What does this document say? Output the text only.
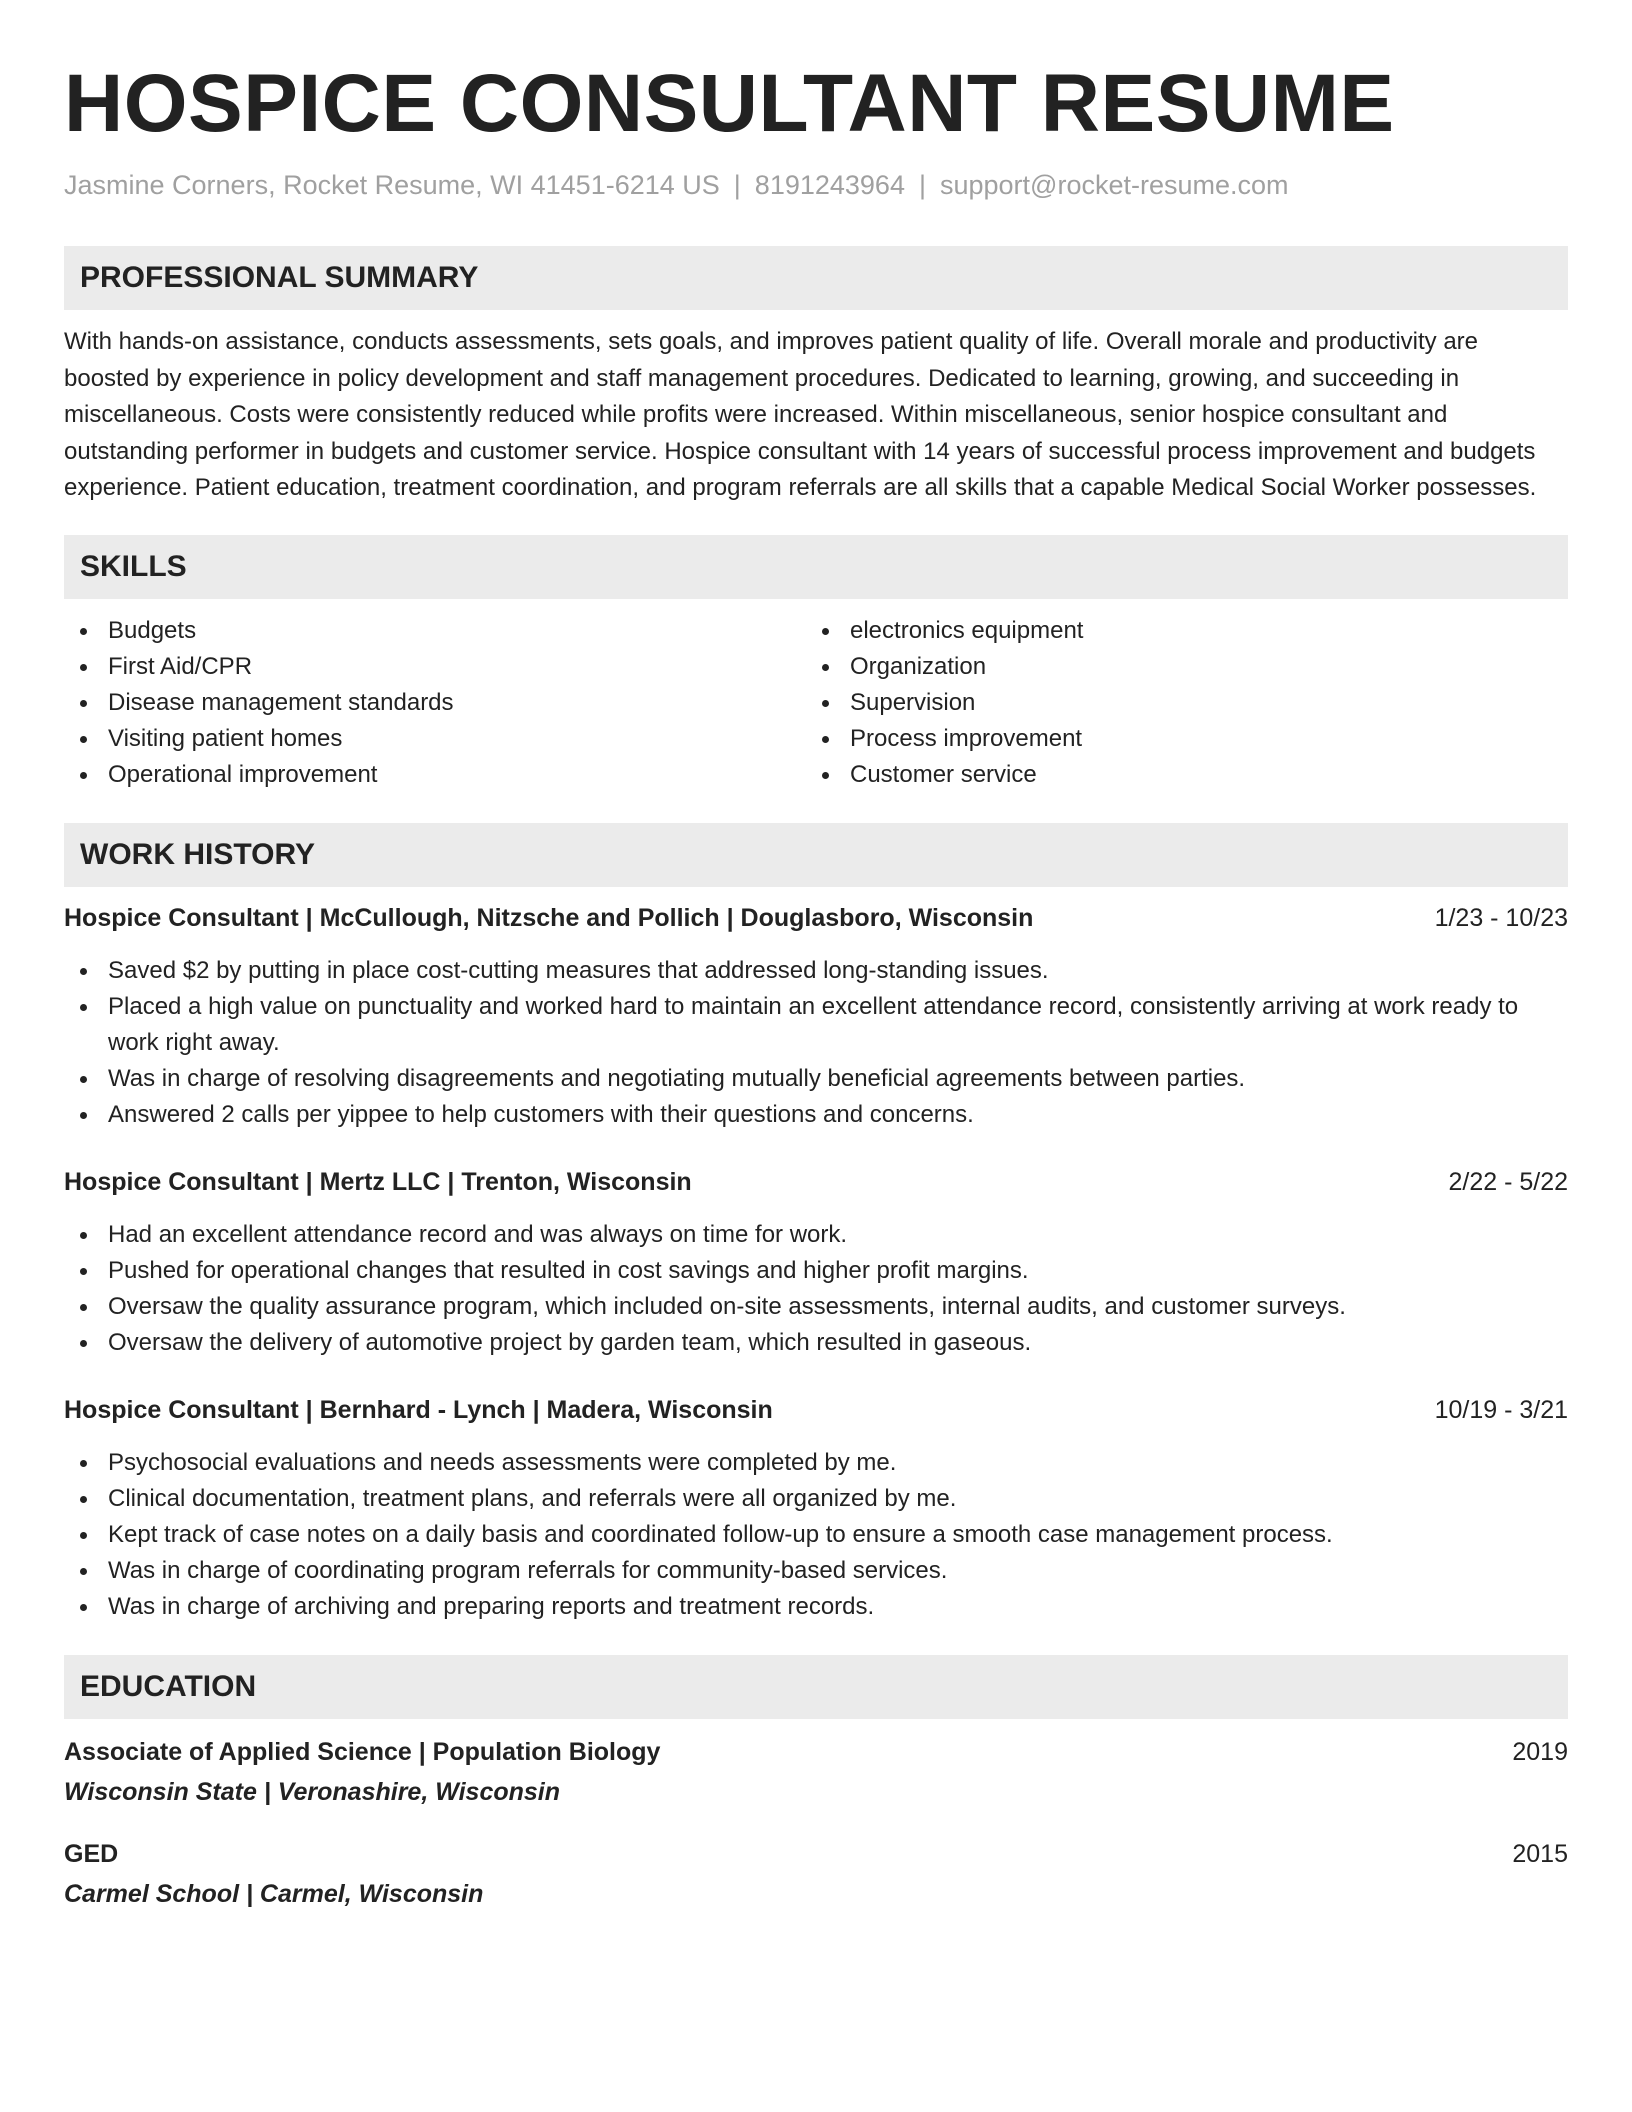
HOSPICE CONSULTANT RESUME
Jasmine Corners, Rocket Resume, WI 41451-6214 US | 8191243964 | support@rocket-resume.com
PROFESSIONAL SUMMARY

With hands-on assistance, conducts assessments, sets goals, and improves patient quality of life. Overall morale and productivity are boosted by experience in policy development and staff management procedures. Dedicated to learning, growing, and succeeding in miscellaneous. Costs were consistently reduced while profits were increased. Within miscellaneous, senior hospice consultant and outstanding performer in budgets and customer service. Hospice consultant with 14 years of successful process improvement and budgets experience. Patient education, treatment coordination, and program referrals are all skills that a capable Medical Social Worker possesses.

SKILLS
Budgets
First Aid/CPR
Disease management standards
Visiting patient homes
Operational improvement
electronics equipment
Organization
Supervision
Process improvement
Customer service
WORK HISTORY
Hospice Consultant | McCullough, Nitzsche and Pollich | Douglasboro, Wisconsin	1/23 - 10/23
Saved $2 by putting in place cost-cutting measures that addressed long-standing issues.
Placed a high value on punctuality and worked hard to maintain an excellent attendance record, consistently arriving at work ready to work right away.
Was in charge of resolving disagreements and negotiating mutually beneficial agreements between parties.
Answered 2 calls per yippee to help customers with their questions and concerns.
Hospice Consultant | Mertz LLC | Trenton, Wisconsin	2/22 - 5/22
Had an excellent attendance record and was always on time for work.
Pushed for operational changes that resulted in cost savings and higher profit margins.
Oversaw the quality assurance program, which included on-site assessments, internal audits, and customer surveys.
Oversaw the delivery of automotive project by garden team, which resulted in gaseous.
Hospice Consultant | Bernhard - Lynch | Madera, Wisconsin	10/19 - 3/21
Psychosocial evaluations and needs assessments were completed by me.
Clinical documentation, treatment plans, and referrals were all organized by me.
Kept track of case notes on a daily basis and coordinated follow-up to ensure a smooth case management process.
Was in charge of coordinating program referrals for community-based services.
Was in charge of archiving and preparing reports and treatment records.
EDUCATION
Associate of Applied Science | Population Biology	2019
Wisconsin State | Veronashire, Wisconsin
GED	2015
Carmel School | Carmel, Wisconsin
